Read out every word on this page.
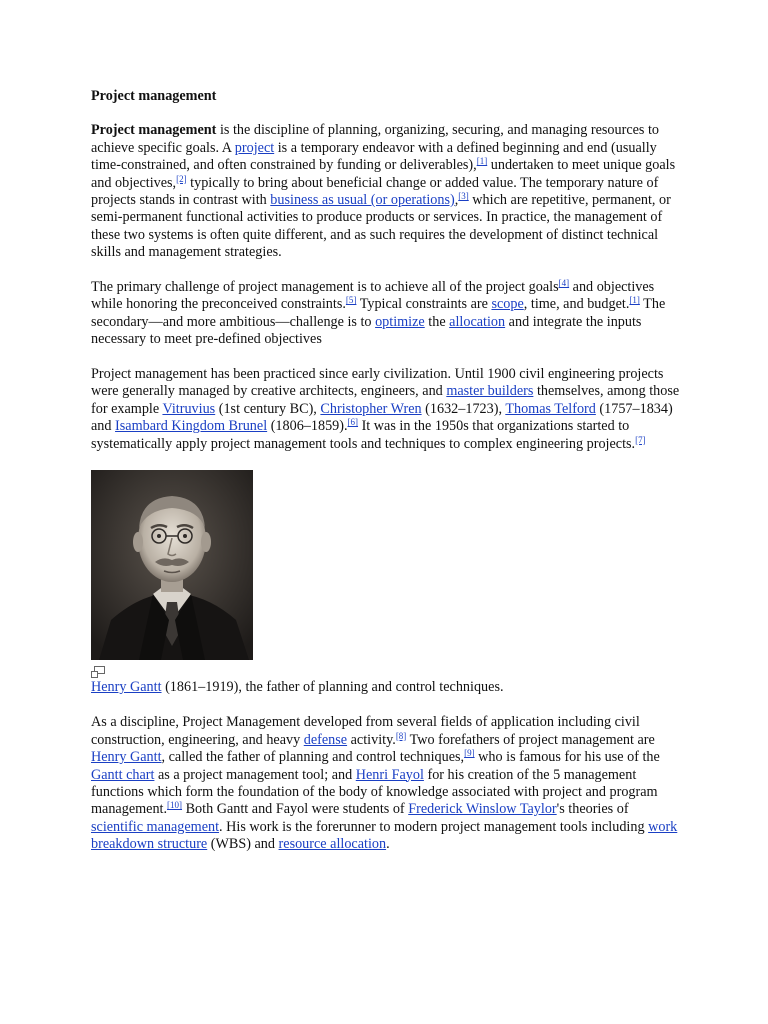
Project management

Project management is the discipline of planning, organizing, securing, and managing resources to achieve specific goals. A project is a temporary endeavor with a defined beginning and end (usually time-constrained, and often constrained by funding or deliverables),[1] undertaken to meet unique goals and objectives,[2] typically to bring about beneficial change or added value. The temporary nature of projects stands in contrast with business as usual (or operations),[3] which are repetitive, permanent, or semi-permanent functional activities to produce products or services. In practice, the management of these two systems is often quite different, and as such requires the development of distinct technical skills and management strategies.

The primary challenge of project management is to achieve all of the project goals[4] and objectives while honoring the preconceived constraints.[5] Typical constraints are scope, time, and budget.[1] The secondary—and more ambitious—challenge is to optimize the allocation and integrate the inputs necessary to meet pre-defined objectives

Project management has been practiced since early civilization. Until 1900 civil engineering projects were generally managed by creative architects, engineers, and master builders themselves, among those for example Vitruvius (1st century BC), Christopher Wren (1632–1723), Thomas Telford (1757–1834) and Isambard Kingdom Brunel (1806–1859).[6] It was in the 1950s that organizations started to systematically apply project management tools and techniques to complex engineering projects.[7]

Henry Gantt (1861–1919), the father of planning and control techniques.

As a discipline, Project Management developed from several fields of application including civil construction, engineering, and heavy defense activity.[8] Two forefathers of project management are Henry Gantt, called the father of planning and control techniques,[9] who is famous for his use of the Gantt chart as a project management tool; and Henri Fayol for his creation of the 5 management functions which form the foundation of the body of knowledge associated with project and program management.[10] Both Gantt and Fayol were students of Frederick Winslow Taylor's theories of scientific management. His work is the forerunner to modern project management tools including work breakdown structure (WBS) and resource allocation.
